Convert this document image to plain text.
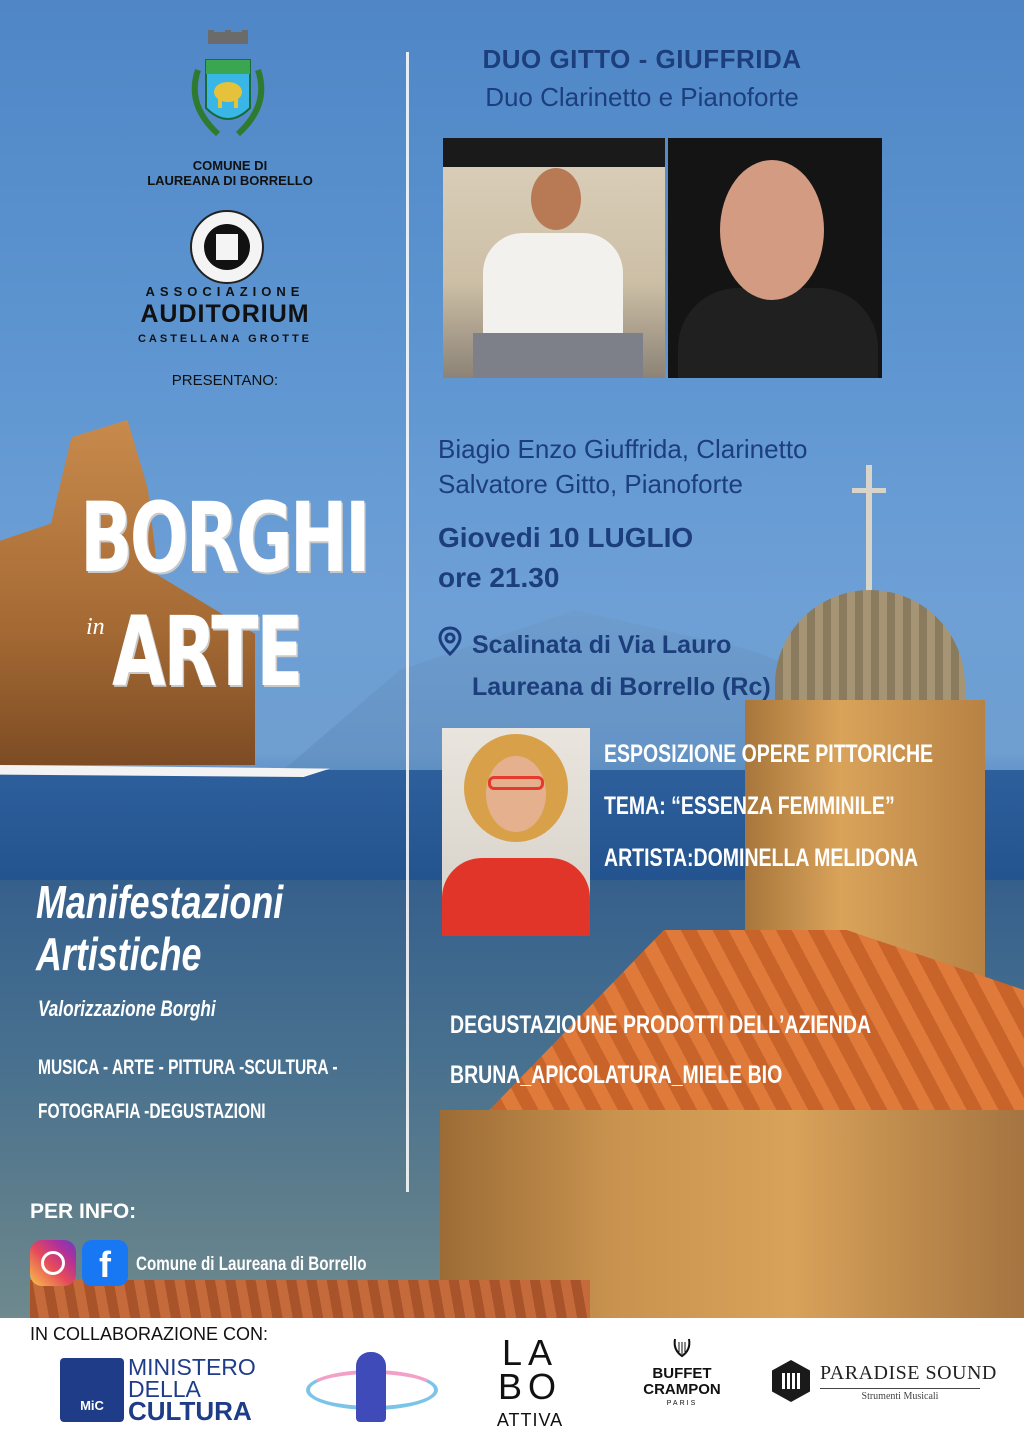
COMUNE DI
LAUREANA DI BORRELLO
ASSOCIAZIONE
AUDITORIUM
CASTELLANA GROTTE
PRESENTANO:
BORGHI
in ARTE
Manifestazioni
Artistiche
Valorizzazione Borghi
MUSICA - ARTE - PITTURA -SCULTURA -
FOTOGRAFIA -DEGUSTAZIONI
PER INFO:
f	Comune di Laureana di Borrello
DUO GITTO - GIUFFRIDA
Duo Clarinetto e Pianoforte
Biagio Enzo Giuffrida, Clarinetto
Salvatore Gitto, Pianoforte
Giovedi 10 LUGLIO
ore 21.30
Scalinata di Via Lauro
Laureana di Borrello (Rc)
ESPOSIZIONE OPERE PITTORICHE
TEMA: “ESSENZA FEMMINILE”
ARTISTA:DOMINELLA MELIDONA
DEGUSTAZIOUNE PRODOTTI DELL’AZIENDA
BRUNA_APICOLATURA_MIELE BIO
IN COLLABORAZIONE CON:
MiC
MINISTERO
DELLA
CULTURA
LA
BO
ATTIVA
BUFFET
CRAMPON
PARIS
PARADISE SOUND
Strumenti Musicali
